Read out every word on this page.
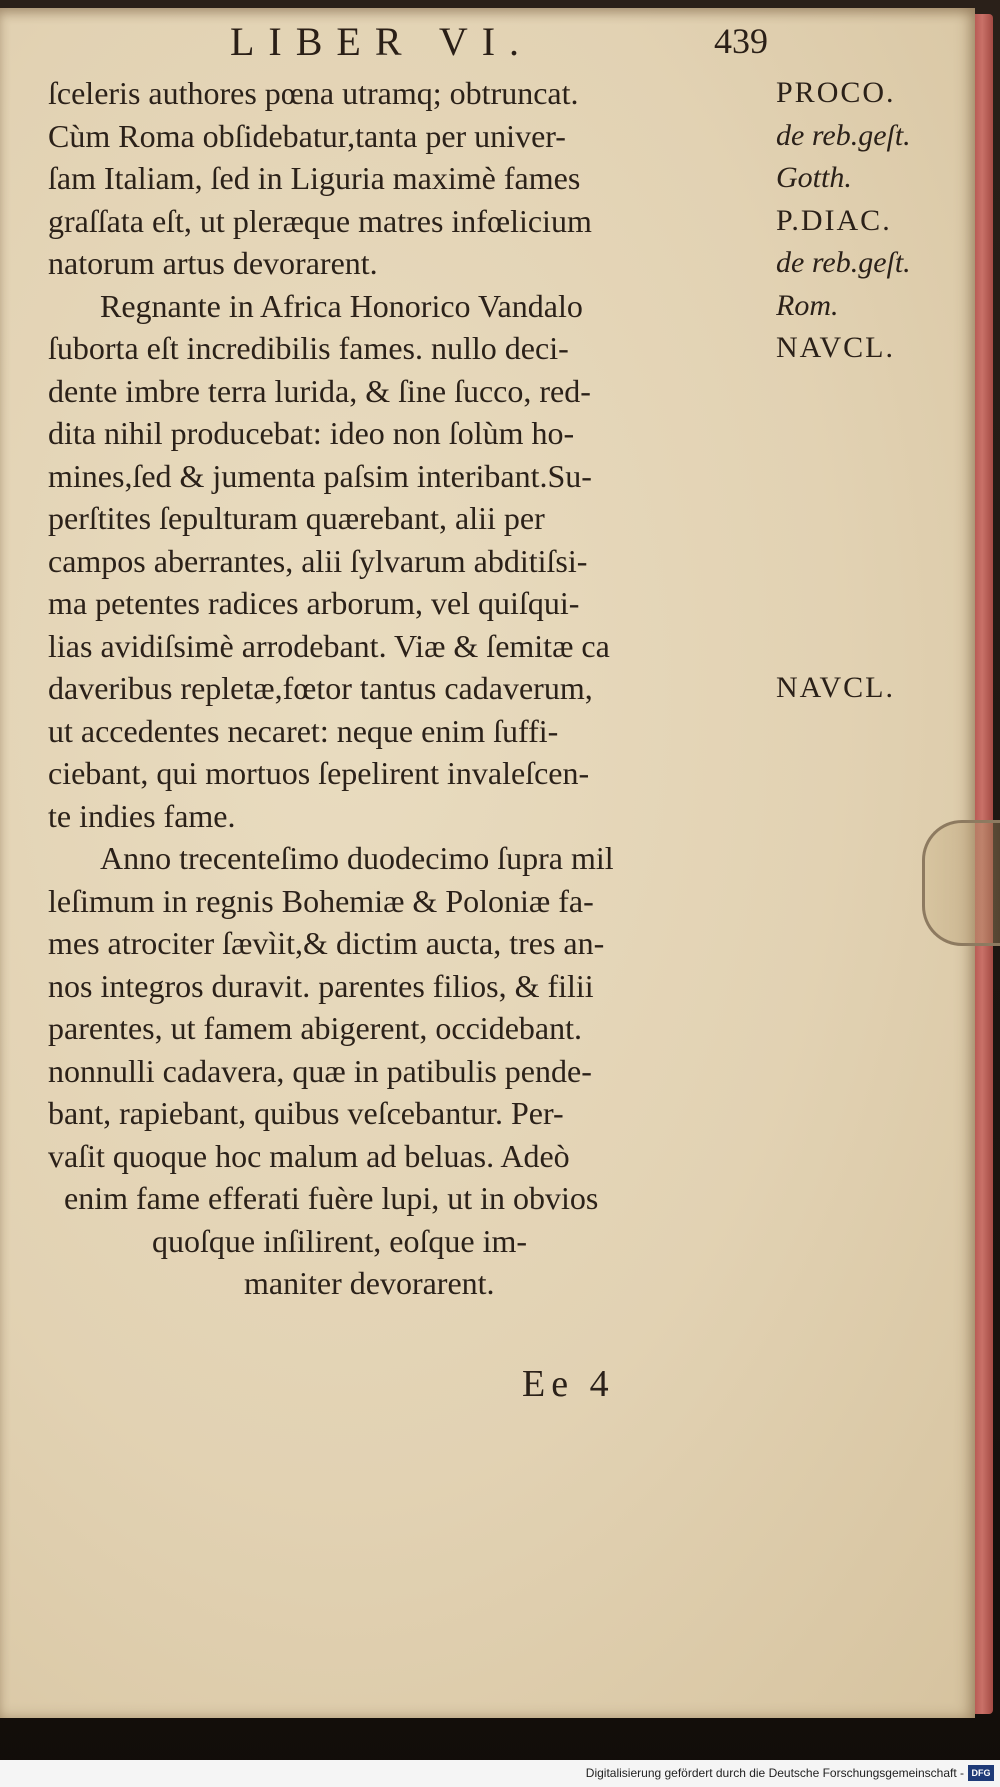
LIBER VI.	439
ſceleris authores pœna utramq; obtruncat.
Cùm Roma obſidebatur,tanta per univer-
ſam Italiam, ſed in Liguria maximè fames
graſſata eſt, ut pleræque matres infœlicium
natorum artus devorarent.
Regnante in Africa Honorico Vandalo
ſuborta eſt incredibilis fames. nullo deci-
dente imbre terra lurida, & ſine ſucco, red-
dita nihil producebat: ideo non ſolùm ho-
mines,ſed & jumenta paſsim interibant.Su-
perſtites ſepulturam quærebant, alii per
campos aberrantes, alii ſylvarum abditiſsi-
ma petentes radices arborum, vel quiſqui-
lias avidiſsimè arrodebant. Viæ & ſemitæ ca
daveribus repletæ,fœtor tantus cadaverum,
ut accedentes necaret: neque enim ſuffi-
ciebant, qui mortuos ſepelirent invaleſcen-
te indies fame.
Anno trecenteſimo duodecimo ſupra mil
leſimum in regnis Bohemiæ & Poloniæ fa-
mes atrociter ſævìit,& dictim aucta, tres an-
nos integros duravit. parentes filios, & filii
parentes, ut famem abigerent, occidebant.
nonnulli cadavera, quæ in patibulis pende-
bant, rapiebant, quibus veſcebantur. Per-
vaſit quoque hoc malum ad beluas. Adeò
enim fame efferati fuère lupi, ut in obvios
quoſque inſilirent, eoſque im-
maniter devorarent.
PROCO.
de reb.geſt.
Gotth.
P.DIAC.
de reb.geſt.
Rom.
NAVCL.
NAVCL.
Ee 4
Digitalisierung gefördert durch die Deutsche Forschungsgemeinschaft - DFG
